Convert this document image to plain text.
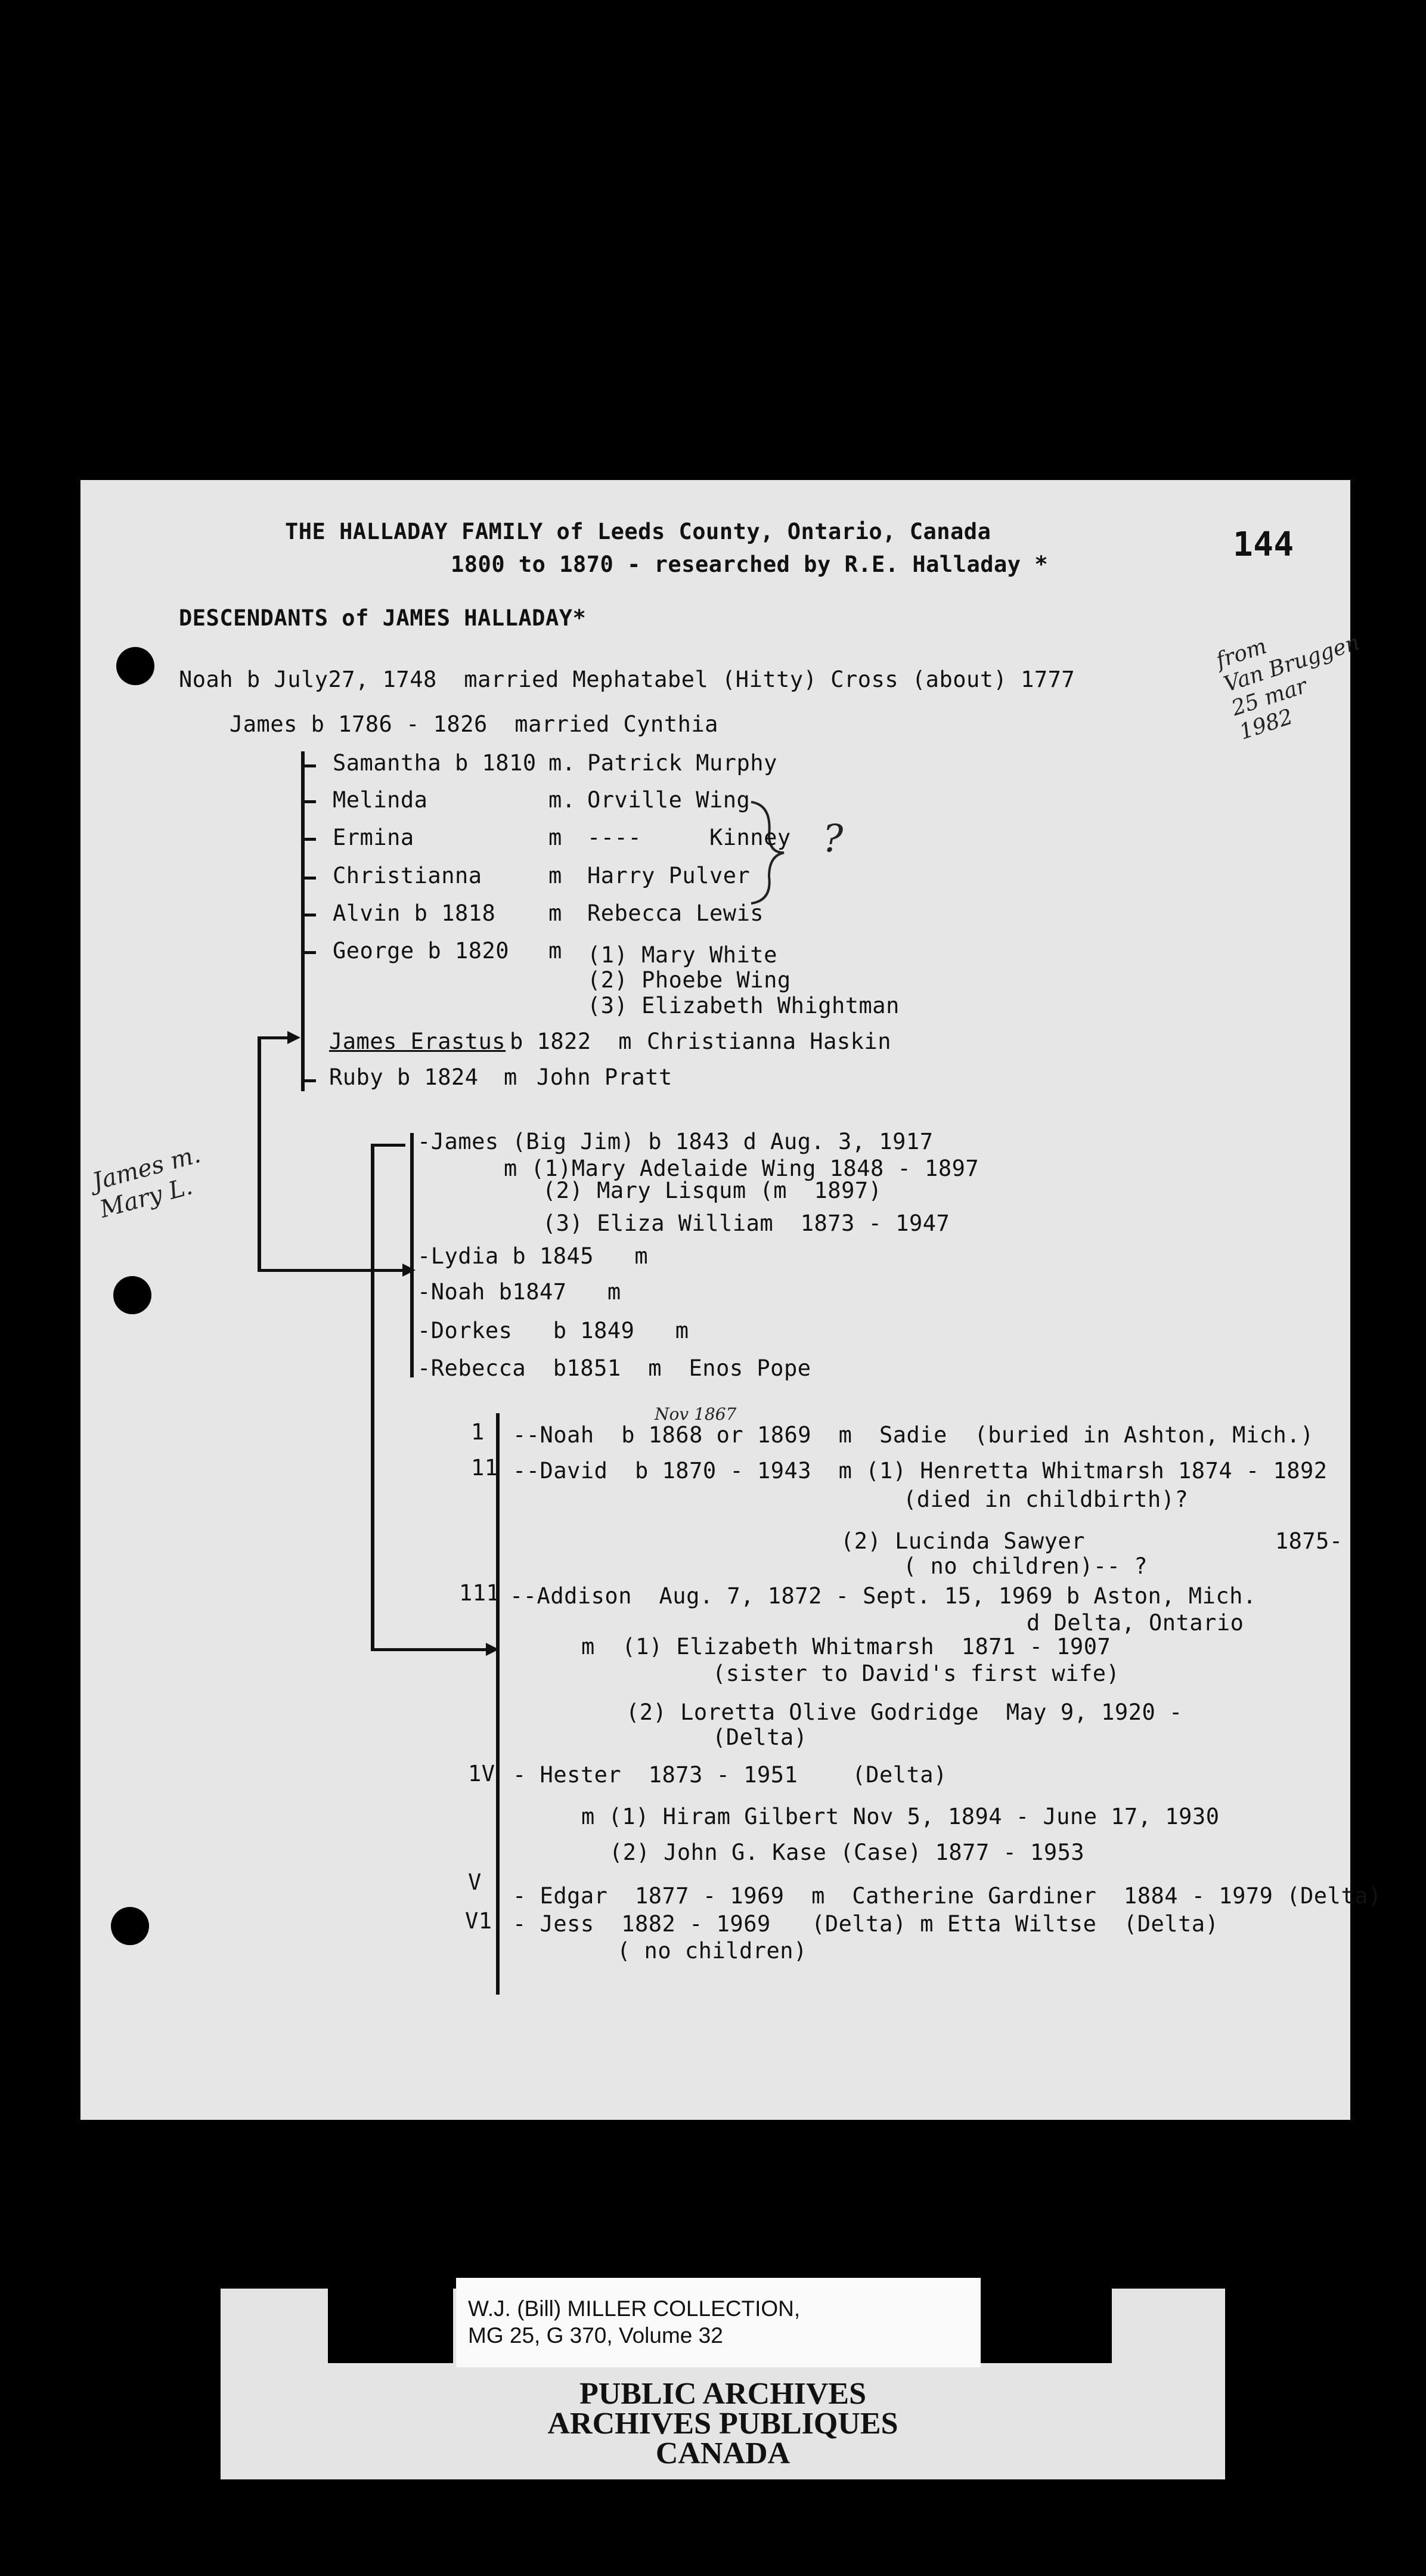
THE HALLADAY FAMILY of Leeds County, Ontario, Canada
1800 to 1870 - researched by R.E. Halladay *
144
DESCENDANTS of JAMES HALLADAY*
from
Van Bruggen
25 mar
1982
James m.
Mary L.
?
Nov 1867
Noah b July27, 1748  married Mephatabel (Hitty) Cross (about) 1777
James b 1786 - 1826  married Cynthia
Samantha b 1810 m. Patrick Murphy
Melinda	m. Orville Wing
Ermina	m ----     Kinney
Christianna	m Harry Pulver
Alvin b 1818 m Rebecca Lewis
George b 1820 m (1) Mary White
(2) Phoebe Wing
(3) Elizabeth Whightman
James Erastus b 1822  m Christianna Haskin
Ruby b 1824 m John Pratt
-James (Big Jim) b 1843 d Aug. 3, 1917
m (1)Mary Adelaide Wing 1848 - 1897
(2) Mary Lisqum (m  1897)
(3) Eliza William  1873 - 1947
-Lydia b 1845   m
-Noah b1847   m
-Dorkes   b 1849   m
-Rebecca  b1851  m  Enos Pope
1 --Noah  b 1868 or 1869  m  Sadie  (buried in Ashton, Mich.)
11 --David  b 1870 - 1943  m (1) Henretta Whitmarsh 1874 - 1892
(died in childbirth)?
(2) Lucinda Sawyer              1875-
( no children)-- ?
111 --Addison  Aug. 7, 1872 - Sept. 15, 1969 b Aston, Mich.
d Delta, Ontario
m  (1) Elizabeth Whitmarsh  1871 - 1907
(sister to David's first wife)
(2) Loretta Olive Godridge  May 9, 1920 -
(Delta)
1V - Hester  1873 - 1951    (Delta)
m (1) Hiram Gilbert Nov 5, 1894 - June 17, 1930
(2) John G. Kase (Case) 1877 - 1953
V
- Edgar  1877 - 1969  m  Catherine Gardiner  1884 - 1979 (Delta)
V1 - Jess  1882 - 1969   (Delta) m Etta Wiltse  (Delta)
( no children)
PUBLIC ARCHIVES
ARCHIVES PUBLIQUES
CANADA
W.J. (Bill) MILLER COLLECTION,
MG 25, G 370, Volume 32
